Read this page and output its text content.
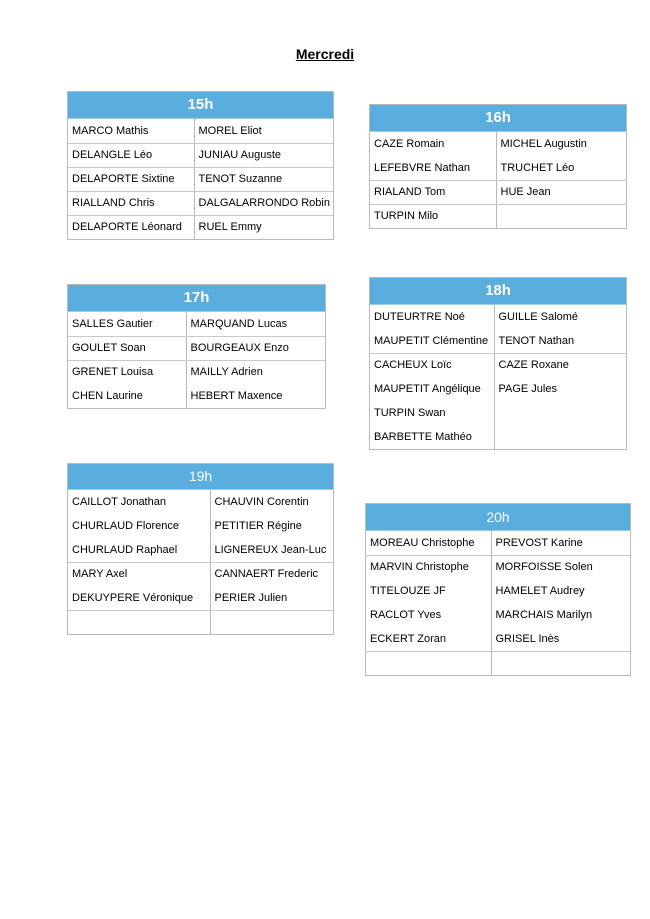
Mercredi
15h
MARCO Mathis	MOREL Eliot
DELANGLE Léo	JUNIAU Auguste
DELAPORTE Sixtine	TENOT Suzanne
RIALLAND Chris	DALGALARRONDO Robin
DELAPORTE Léonard	RUEL Emmy
16h
CAZE Romain	MICHEL Augustin
LEFEBVRE Nathan	TRUCHET Léo
RIALAND Tom	HUE Jean
TURPIN Milo	
17h
SALLES Gautier	MARQUAND Lucas
GOULET Soan	BOURGEAUX Enzo
GRENET Louisa	MAILLY Adrien
CHEN Laurine	HEBERT Maxence
18h
DUTEURTRE Noé	GUILLE Salomé
MAUPETIT Clémentine	TENOT Nathan
CACHEUX Loïc	CAZE Roxane
MAUPETIT Angélique	PAGE Jules
TURPIN Swan	
BARBETTE Mathéo	
19h
CAILLOT Jonathan	CHAUVIN Corentin
CHURLAUD Florence	PETITIER Régine
CHURLAUD Raphael	LIGNEREUX Jean-Luc
MARY Axel	CANNAERT Frederic
DEKUYPERE Véronique	PERIER Julien

20h
MOREAU Christophe	PREVOST Karine
MARVIN Christophe	MORFOISSE Solen
TITELOUZE JF	HAMELET Audrey
RACLOT Yves	MARCHAIS Marilyn
ECKERT Zoran	GRISEL Inès
